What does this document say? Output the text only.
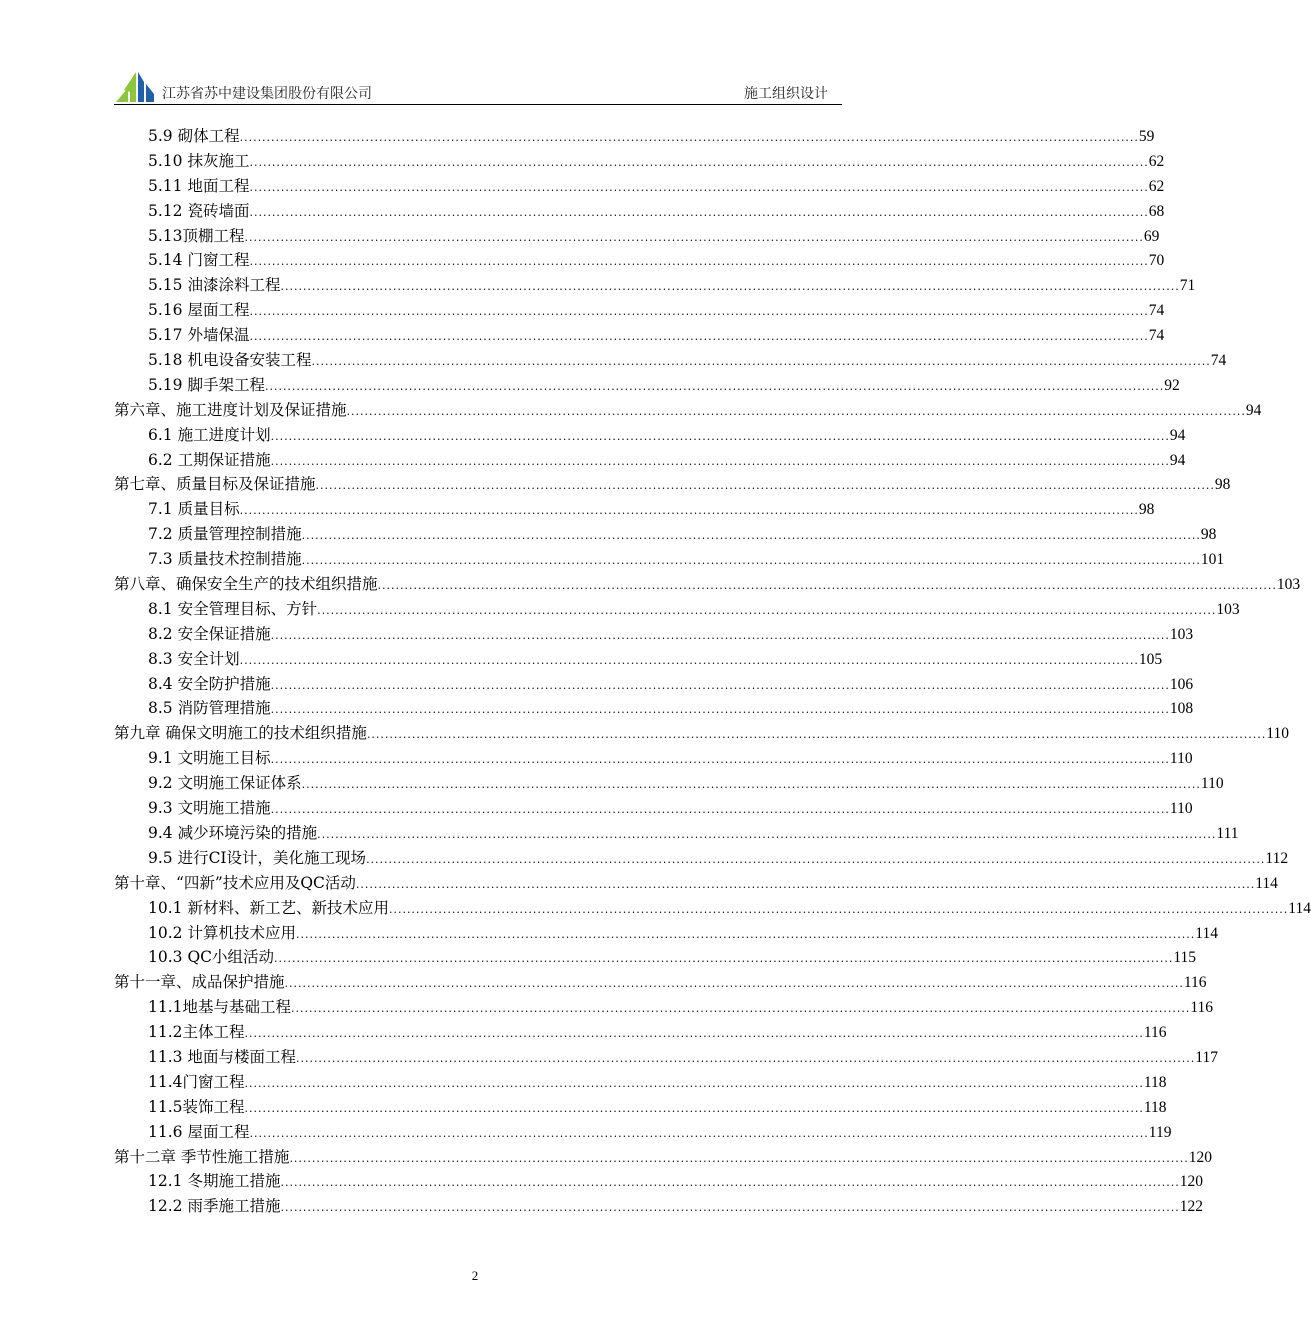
江苏省苏中建设集团股份有限公司	施工组织设计
5.9 砌体工程 ........................................................................................................................................................................................................ 59
5.10 抹灰施工 ........................................................................................................................................................................................................ 62
5.11 地面工程 ........................................................................................................................................................................................................ 62
5.12 瓷砖墙面 ........................................................................................................................................................................................................ 68
5.13顶棚工程 ........................................................................................................................................................................................................ 69
5.14 门窗工程 ........................................................................................................................................................................................................ 70
5.15 油漆涂料工程 ........................................................................................................................................................................................................ 71
5.16 屋面工程 ........................................................................................................................................................................................................ 74
5.17 外墙保温 ........................................................................................................................................................................................................ 74
5.18 机电设备安装工程 ........................................................................................................................................................................................................ 74
5.19 脚手架工程 ........................................................................................................................................................................................................ 92
第六章、施工进度计划及保证措施 ........................................................................................................................................................................................................ 94
6.1 施工进度计划 ........................................................................................................................................................................................................ 94
6.2 工期保证措施 ........................................................................................................................................................................................................ 94
第七章、质量目标及保证措施 ........................................................................................................................................................................................................ 98
7.1 质量目标 ........................................................................................................................................................................................................ 98
7.2 质量管理控制措施 ........................................................................................................................................................................................................ 98
7.3 质量技术控制措施 ........................................................................................................................................................................................................ 101
第八章、确保安全生产的技术组织措施 ........................................................................................................................................................................................................ 103
8.1 安全管理目标、方针 ........................................................................................................................................................................................................ 103
8.2 安全保证措施 ........................................................................................................................................................................................................ 103
8.3 安全计划 ........................................................................................................................................................................................................ 105
8.4 安全防护措施 ........................................................................................................................................................................................................ 106
8.5 消防管理措施 ........................................................................................................................................................................................................ 108
第九章 确保文明施工的技术组织措施 ........................................................................................................................................................................................................ 110
9.1 文明施工目标 ........................................................................................................................................................................................................ 110
9.2 文明施工保证体系 ........................................................................................................................................................................................................ 110
9.3 文明施工措施 ........................................................................................................................................................................................................ 110
9.4 减少环境污染的措施 ........................................................................................................................................................................................................ 111
9.5 进行CI设计，美化施工现场 ........................................................................................................................................................................................................ 112
第十章、“四新”技术应用及QC活动 ........................................................................................................................................................................................................ 114
10.1 新材料、新工艺、新技术应用 ........................................................................................................................................................................................................ 114
10.2 计算机技术应用 ........................................................................................................................................................................................................ 114
10.3 QC小组活动 ........................................................................................................................................................................................................ 115
第十一章、成品保护措施 ........................................................................................................................................................................................................ 116
11.1地基与基础工程 ........................................................................................................................................................................................................ 116
11.2主体工程 ........................................................................................................................................................................................................ 116
11.3 地面与楼面工程 ........................................................................................................................................................................................................ 117
11.4门窗工程 ........................................................................................................................................................................................................ 118
11.5装饰工程 ........................................................................................................................................................................................................ 118
11.6 屋面工程 ........................................................................................................................................................................................................ 119
第十二章 季节性施工措施 ........................................................................................................................................................................................................ 120
12.1 冬期施工措施 ........................................................................................................................................................................................................ 120
12.2 雨季施工措施 ........................................................................................................................................................................................................ 122
2
